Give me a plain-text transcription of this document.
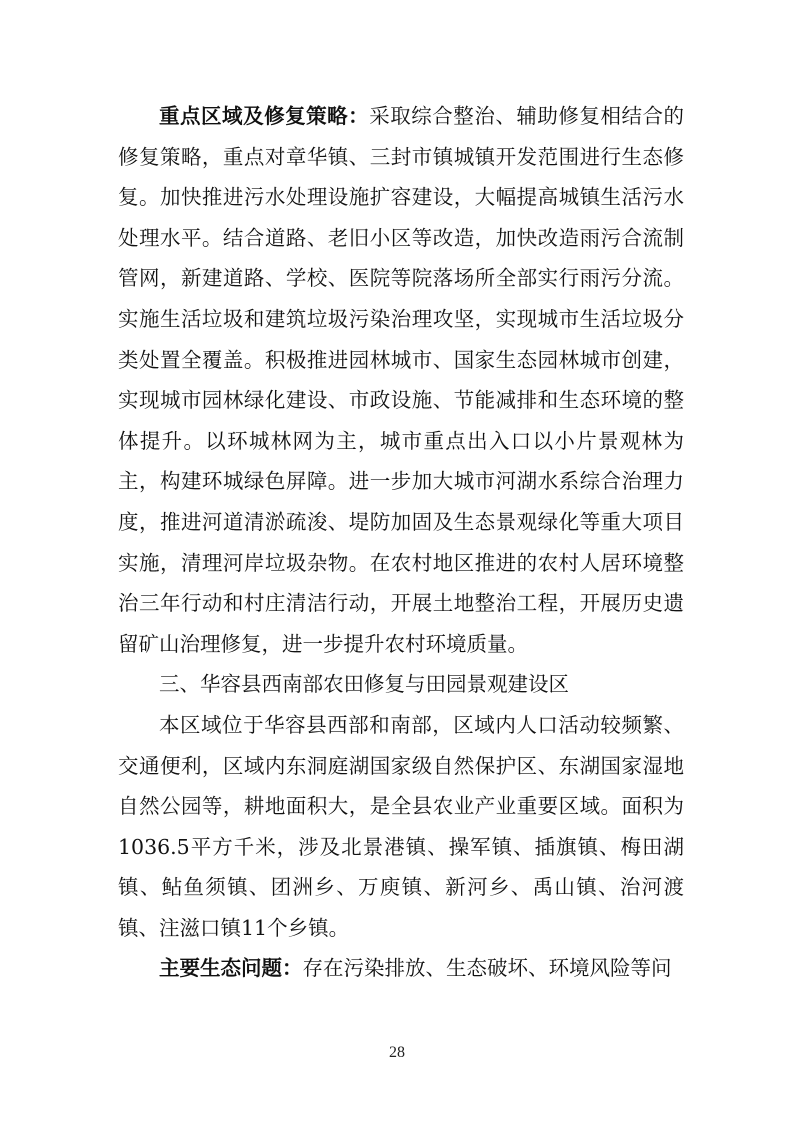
重点区域及修复策略：采取综合整治、辅助修复相结合的修复策略，重点对章华镇、三封市镇城镇开发范围进行生态修复。加快推进污水处理设施扩容建设，大幅提高城镇生活污水处理水平。结合道路、老旧小区等改造，加快改造雨污合流制管网，新建道路、学校、医院等院落场所全部实行雨污分流。实施生活垃圾和建筑垃圾污染治理攻坚，实现城市生活垃圾分类处置全覆盖。积极推进园林城市、国家生态园林城市创建，实现城市园林绿化建设、市政设施、节能减排和生态环境的整体提升。以环城林网为主，城市重点出入口以小片景观林为主，构建环城绿色屏障。进一步加大城市河湖水系综合治理力度，推进河道清淤疏浚、堤防加固及生态景观绿化等重大项目实施，清理河岸垃圾杂物。在农村地区推进的农村人居环境整治三年行动和村庄清洁行动，开展土地整治工程，开展历史遗留矿山治理修复，进一步提升农村环境质量。

三、华容县西南部农田修复与田园景观建设区

本区域位于华容县西部和南部，区域内人口活动较频繁、交通便利，区域内东洞庭湖国家级自然保护区、东湖国家湿地自然公园等，耕地面积大，是全县农业产业重要区域。面积为1036.5平方千米，涉及北景港镇、操军镇、插旗镇、梅田湖镇、鲇鱼须镇、团洲乡、万庾镇、新河乡、禹山镇、治河渡镇、注滋口镇11个乡镇。

主要生态问题：存在污染排放、生态破坏、环境风险等问

28
